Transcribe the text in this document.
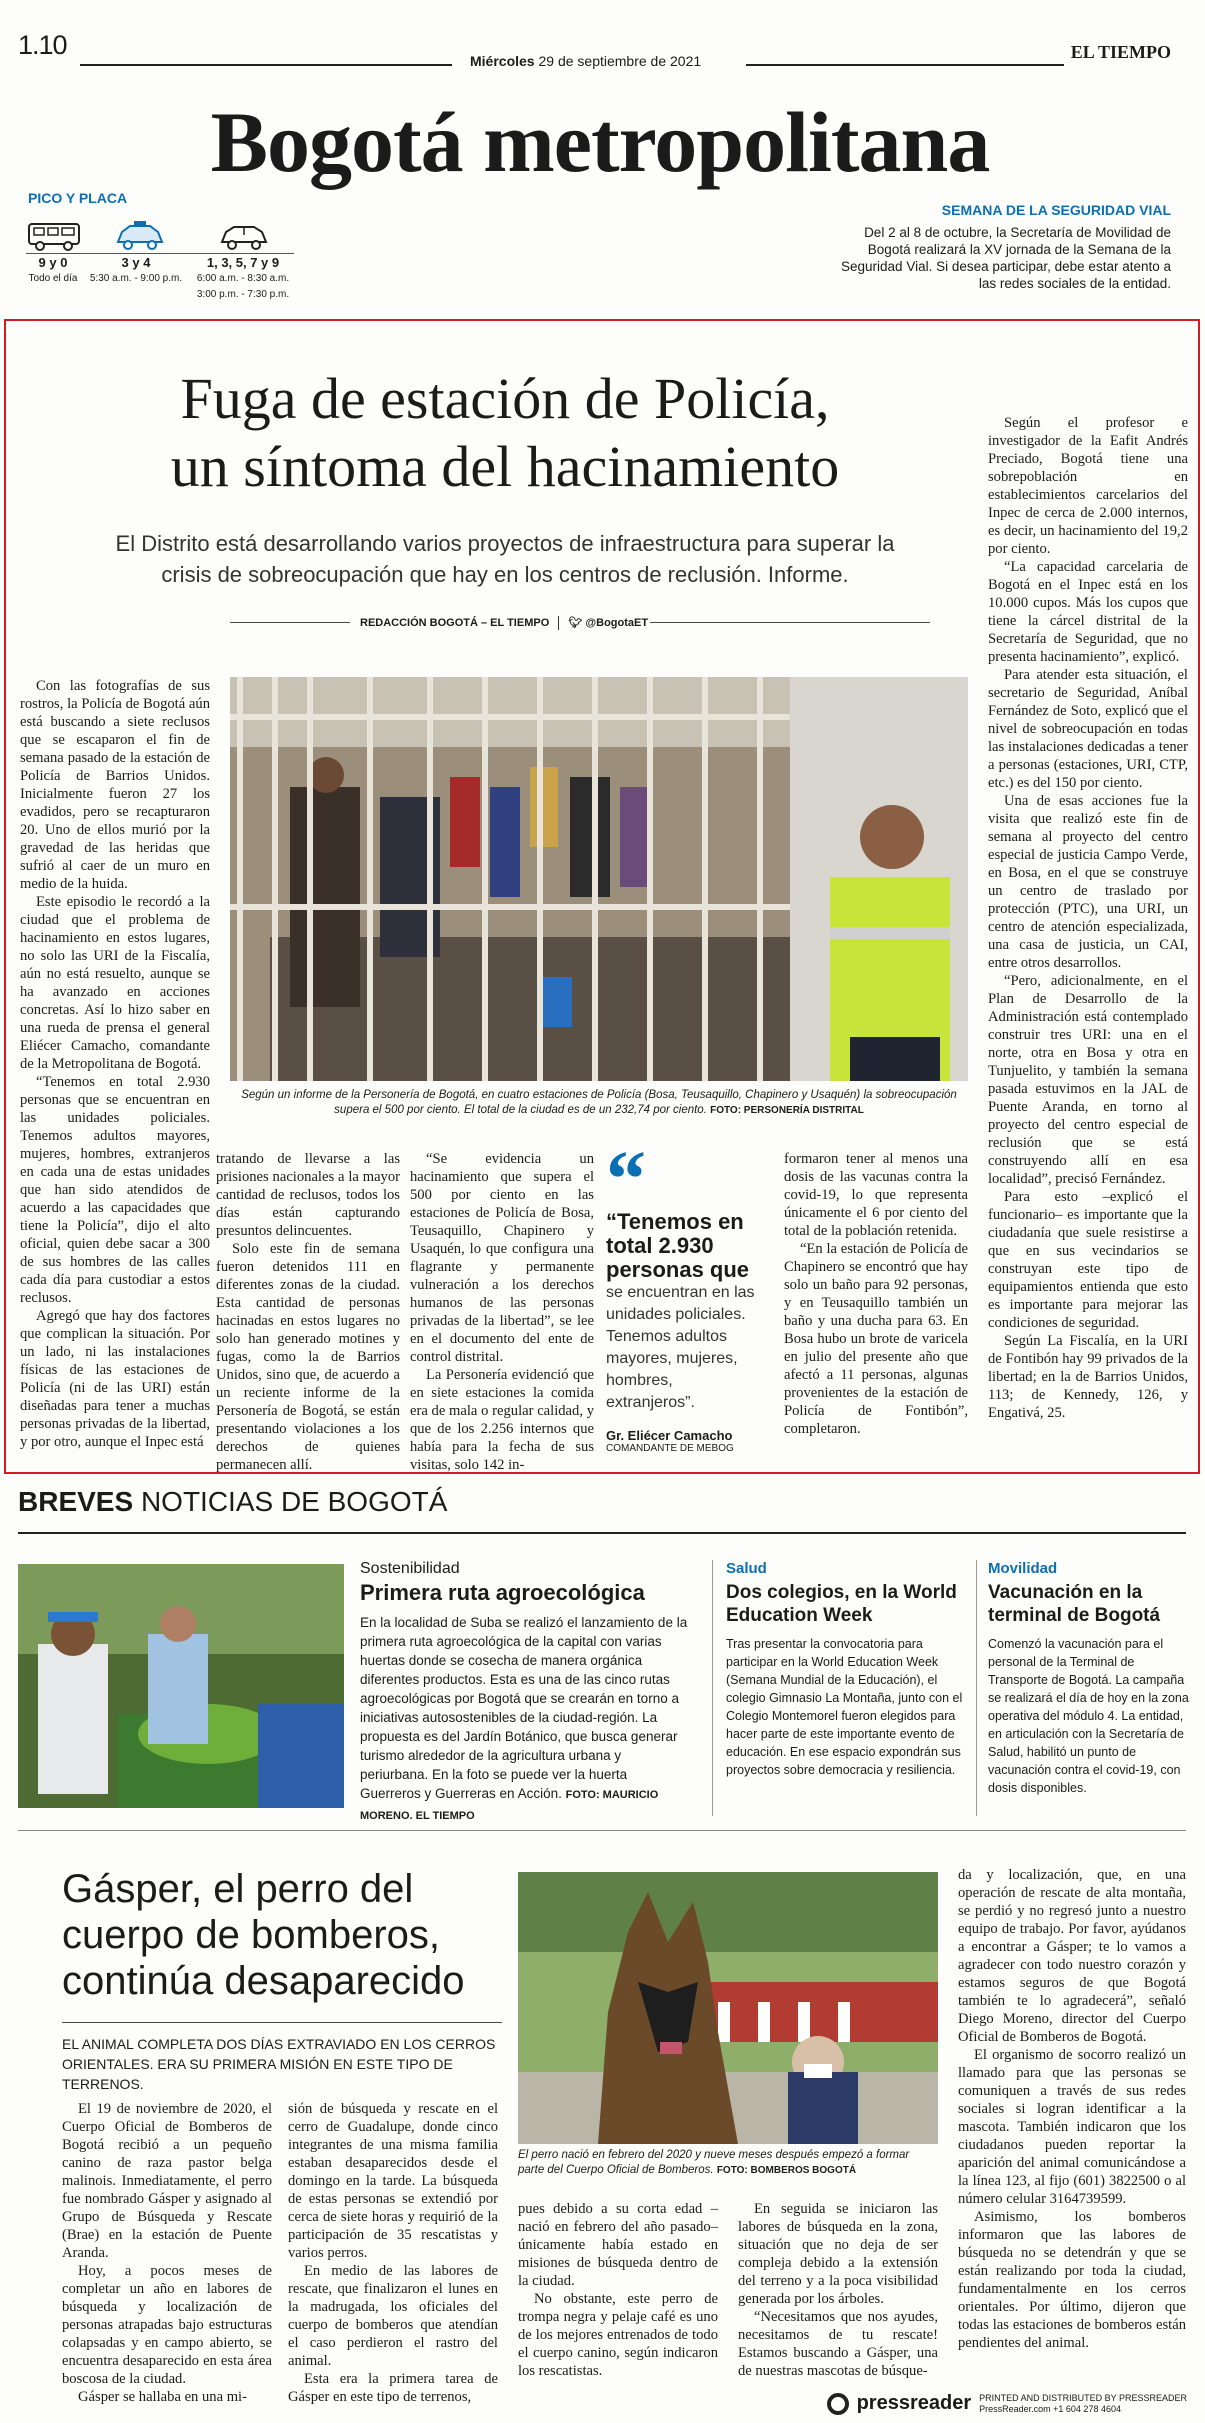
1.10
Miércoles 29 de septiembre de 2021	EL TIEMPO
Bogotá metropolitana
PICO Y PLACA
9 y 0
Todo el día
3 y 4
5:30 a.m. - 9:00 p.m.
1, 3, 5, 7 y 9
6:00 a.m. - 8:30 a.m. 3:00 p.m. - 7:30 p.m.
SEMANA DE LA SEGURIDAD VIAL
Del 2 al 8 de octubre, la Secretaría de Movilidad de Bogotá realizará la XV jornada de la Semana de la Seguridad Vial. Si desea participar, debe estar atento a las redes sociales de la entidad.
Fuga de estación de Policía,
un síntoma del hacinamiento
El Distrito está desarrollando varios proyectos de infraestructura para superar la crisis de sobreocupación que hay en los centros de reclusión. Informe.
REDACCIÓN BOGOTÁ – EL TIEMPO 🐦︎ @BogotaET
Según un informe de la Personería de Bogotá, en cuatro estaciones de Policía (Bosa, Teusaquillo, Chapinero y Usaquén) la sobreocupación supera el 500 por ciento. El total de la ciudad es de un 232,74 por ciento. FOTO: PERSONERÍA DISTRITAL

Con las fotografías de sus rostros, la Policía de Bogotá aún está buscando a siete reclusos que se escaparon el fin de semana pasado de la estación de Policía de Barrios Unidos. Inicialmente fueron 27 los evadidos, pero se recapturaron 20. Uno de ellos murió por la gravedad de las heridas que sufrió al caer de un muro en medio de la huida.

Este episodio le recordó a la ciudad que el problema de hacinamiento en estos lugares, no solo las URI de la Fiscalía, aún no está resuelto, aunque se ha avanzado en acciones concretas. Así lo hizo saber en una rueda de prensa el general Eliécer Camacho, comandante de la Metropolitana de Bogotá.

“Tenemos en total 2.930 personas que se encuentran en las unidades policiales. Tenemos adultos mayores, mujeres, hombres, extranjeros en cada una de estas unidades que han sido atendidos de acuerdo a las capacidades que tiene la Policía”, dijo el alto oficial, quien debe sacar a 300 de sus hombres de las calles cada día para custodiar a estos reclusos.

Agregó que hay dos factores que complican la situación. Por un lado, ni las instalaciones físicas de las estaciones de Policía (ni de las URI) están diseñadas para tener a muchas personas privadas de la libertad, y por otro, aunque el Inpec está

tratando de llevarse a las prisiones nacionales a la mayor cantidad de reclusos, todos los días están capturando presuntos delincuentes.

Solo este fin de semana fueron detenidos 111 en diferentes zonas de la ciudad. Esta cantidad de personas hacinadas en estos lugares no solo han generado motines y fugas, como la de Barrios Unidos, sino que, de acuerdo a un reciente informe de la Personería de Bogotá, se están presentando violaciones a los derechos de quienes permanecen allí.

“Se evidencia un hacinamiento que supera el 500 por ciento en las estaciones de Policía de Bosa, Teusaquillo, Chapinero y Usaquén, lo que configura una flagrante y permanente vulneración a los derechos humanos de las personas privadas de la libertad”, se lee en el documento del ente de control distrital.

La Personería evidenció que en siete estaciones la comida era de mala o regular calidad, y que de los 2.256 internos que había para la fecha de sus visitas, solo 142 in-

“
“Tenemos en total 2.930 personas que
se encuentran en las unidades policiales. Tenemos adultos mayores, mujeres, hombres, extranjeros”.
Gr. Eliécer Camacho
COMANDANTE DE MEBOG

formaron tener al menos una dosis de las vacunas contra la covid-19, lo que representa únicamente el 6 por ciento del total de la población retenida.

“En la estación de Policía de Chapinero se encontró que hay solo un baño para 92 personas, y en Teusaquillo también un baño y una ducha para 63. En Bosa hubo un brote de varicela en julio del presente año que afectó a 11 personas, algunas provenientes de la estación de Policía de Fontibón”, completaron.

Según el profesor e investigador de la Eafit Andrés Preciado, Bogotá tiene una sobrepoblación en establecimientos carcelarios del Inpec de cerca de 2.000 internos, es decir, un hacinamiento del 19,2 por ciento.

“La capacidad carcelaria de Bogotá en el Inpec está en los 10.000 cupos. Más los cupos que tiene la cárcel distrital de la Secretaría de Seguridad, que no presenta hacinamiento”, explicó.

Para atender esta situación, el secretario de Seguridad, Aníbal Fernández de Soto, explicó que el nivel de sobreocupación en todas las instalaciones dedicadas a tener a personas (estaciones, URI, CTP, etc.) es del 150 por ciento.

Una de esas acciones fue la visita que realizó este fin de semana al proyecto del centro especial de justicia Campo Verde, en Bosa, en el que se construye un centro de traslado por protección (PTC), una URI, un centro de atención especializada, una casa de justicia, un CAI, entre otros desarrollos.

“Pero, adicionalmente, en el Plan de Desarrollo de la Administración está contemplado construir tres URI: una en el norte, otra en Bosa y otra en Tunjuelito, y también la semana pasada estuvimos en la JAL de Puente Aranda, en torno al proyecto del centro especial de reclusión que se está construyendo allí en esa localidad”, precisó Fernández.

Para esto –explicó el funcionario– es importante que la ciudadanía que suele resistirse a que en sus vecindarios se construyan este tipo de equipamientos entienda que esto es importante para mejorar las condiciones de seguridad.

Según La Fiscalía, en la URI de Fontibón hay 99 privados de la libertad; en la de Barrios Unidos, 113; de Kennedy, 126, y Engativá, 25.

BREVES NOTICIAS DE BOGOTÁ
Sostenibilidad
Primera ruta agroecológica
En la localidad de Suba se realizó el lanzamiento de la primera ruta agroecológica de la capital con varias huertas donde se cosecha de manera orgánica diferentes productos. Esta es una de las cinco rutas agroecológicas por Bogotá que se crearán en torno a iniciativas autosostenibles de la ciudad-región. La propuesta es del Jardín Botánico, que busca generar turismo alrededor de la agricultura urbana y periurbana. En la foto se puede ver la huerta Guerreros y Guerreras en Acción. FOTO: MAURICIO MORENO. EL TIEMPO
Salud
Dos colegios, en la World Education Week
Tras presentar la convocatoria para participar en la World Education Week (Semana Mundial de la Educación), el colegio Gimnasio La Montaña, junto con el Colegio Montemorel fueron elegidos para hacer parte de este importante evento de educación. En ese espacio expondrán sus proyectos sobre democracia y resiliencia.
Movilidad
Vacunación en la terminal de Bogotá
Comenzó la vacunación para el personal de la Terminal de Transporte de Bogotá. La campaña se realizará el día de hoy en la zona operativa del módulo 4. La entidad, en articulación con la Secretaría de Salud, habilitó un punto de vacunación contra el covid-19, con dosis disponibles.
Gásper, el perro del cuerpo de bomberos, continúa desaparecido
EL ANIMAL COMPLETA DOS DÍAS EXTRAVIADO EN LOS CERROS ORIENTALES. ERA SU PRIMERA MISIÓN EN ESTE TIPO DE TERRENOS.
El perro nació en febrero del 2020 y nueve meses después empezó a formar parte del Cuerpo Oficial de Bomberos. FOTO: BOMBEROS BOGOTÁ

El 19 de noviembre de 2020, el Cuerpo Oficial de Bomberos de Bogotá recibió a un pequeño canino de raza pastor belga malinois. Inmediatamente, el perro fue nombrado Gásper y asignado al Grupo de Búsqueda y Rescate (Brae) en la estación de Puente Aranda.

Hoy, a pocos meses de completar un año en labores de búsqueda y localización de personas atrapadas bajo estructuras colapsadas y en campo abierto, se encuentra desaparecido en esta área boscosa de la ciudad.

Gásper se hallaba en una mi-

sión de búsqueda y rescate en el cerro de Guadalupe, donde cinco integrantes de una misma familia estaban desaparecidos desde el domingo en la tarde. La búsqueda de estas personas se extendió por cerca de siete horas y requirió de la participación de 35 rescatistas y varios perros.

En medio de las labores de rescate, que finalizaron el lunes en la madrugada, los oficiales del cuerpo de bomberos que atendían el caso perdieron el rastro del animal.

Esta era la primera tarea de Gásper en este tipo de terrenos,

pues debido a su corta edad –nació en febrero del año pasado– únicamente había estado en misiones de búsqueda dentro de la ciudad.

No obstante, este perro de trompa negra y pelaje café es uno de los mejores entrenados de todo el cuerpo canino, según indicaron los rescatistas.

En seguida se iniciaron las labores de búsqueda en la zona, situación que no deja de ser compleja debido a la extensión del terreno y a la poca visibilidad generada por los árboles.

“Necesitamos que nos ayudes, necesitamos de tu rescate! Estamos buscando a Gásper, una de nuestras mascotas de búsque-

da y localización, que, en una operación de rescate de alta montaña, se perdió y no regresó junto a nuestro equipo de trabajo. Por favor, ayúdanos a encontrar a Gásper; te lo vamos a agradecer con todo nuestro corazón y estamos seguros de que Bogotá también te lo agradecerá”, señaló Diego Moreno, director del Cuerpo Oficial de Bomberos de Bogotá.

El organismo de socorro realizó un llamado para que las personas se comuniquen a través de sus redes sociales si logran identificar a la mascota. También indicaron que los ciudadanos pueden reportar la aparición del animal comunicándose a la línea 123, al fijo (601) 3822500 o al número celular 3164739599.

Asimismo, los bomberos informaron que las labores de búsqueda no se detendrán y que se están realizando por toda la ciudad, fundamentalmente en los cerros orientales. Por último, dijeron que todas las estaciones de bomberos están pendientes del animal.

pressreader PRINTED AND DISTRIBUTED BY PRESSREADER
PressReader.com +1 604 278 4604
